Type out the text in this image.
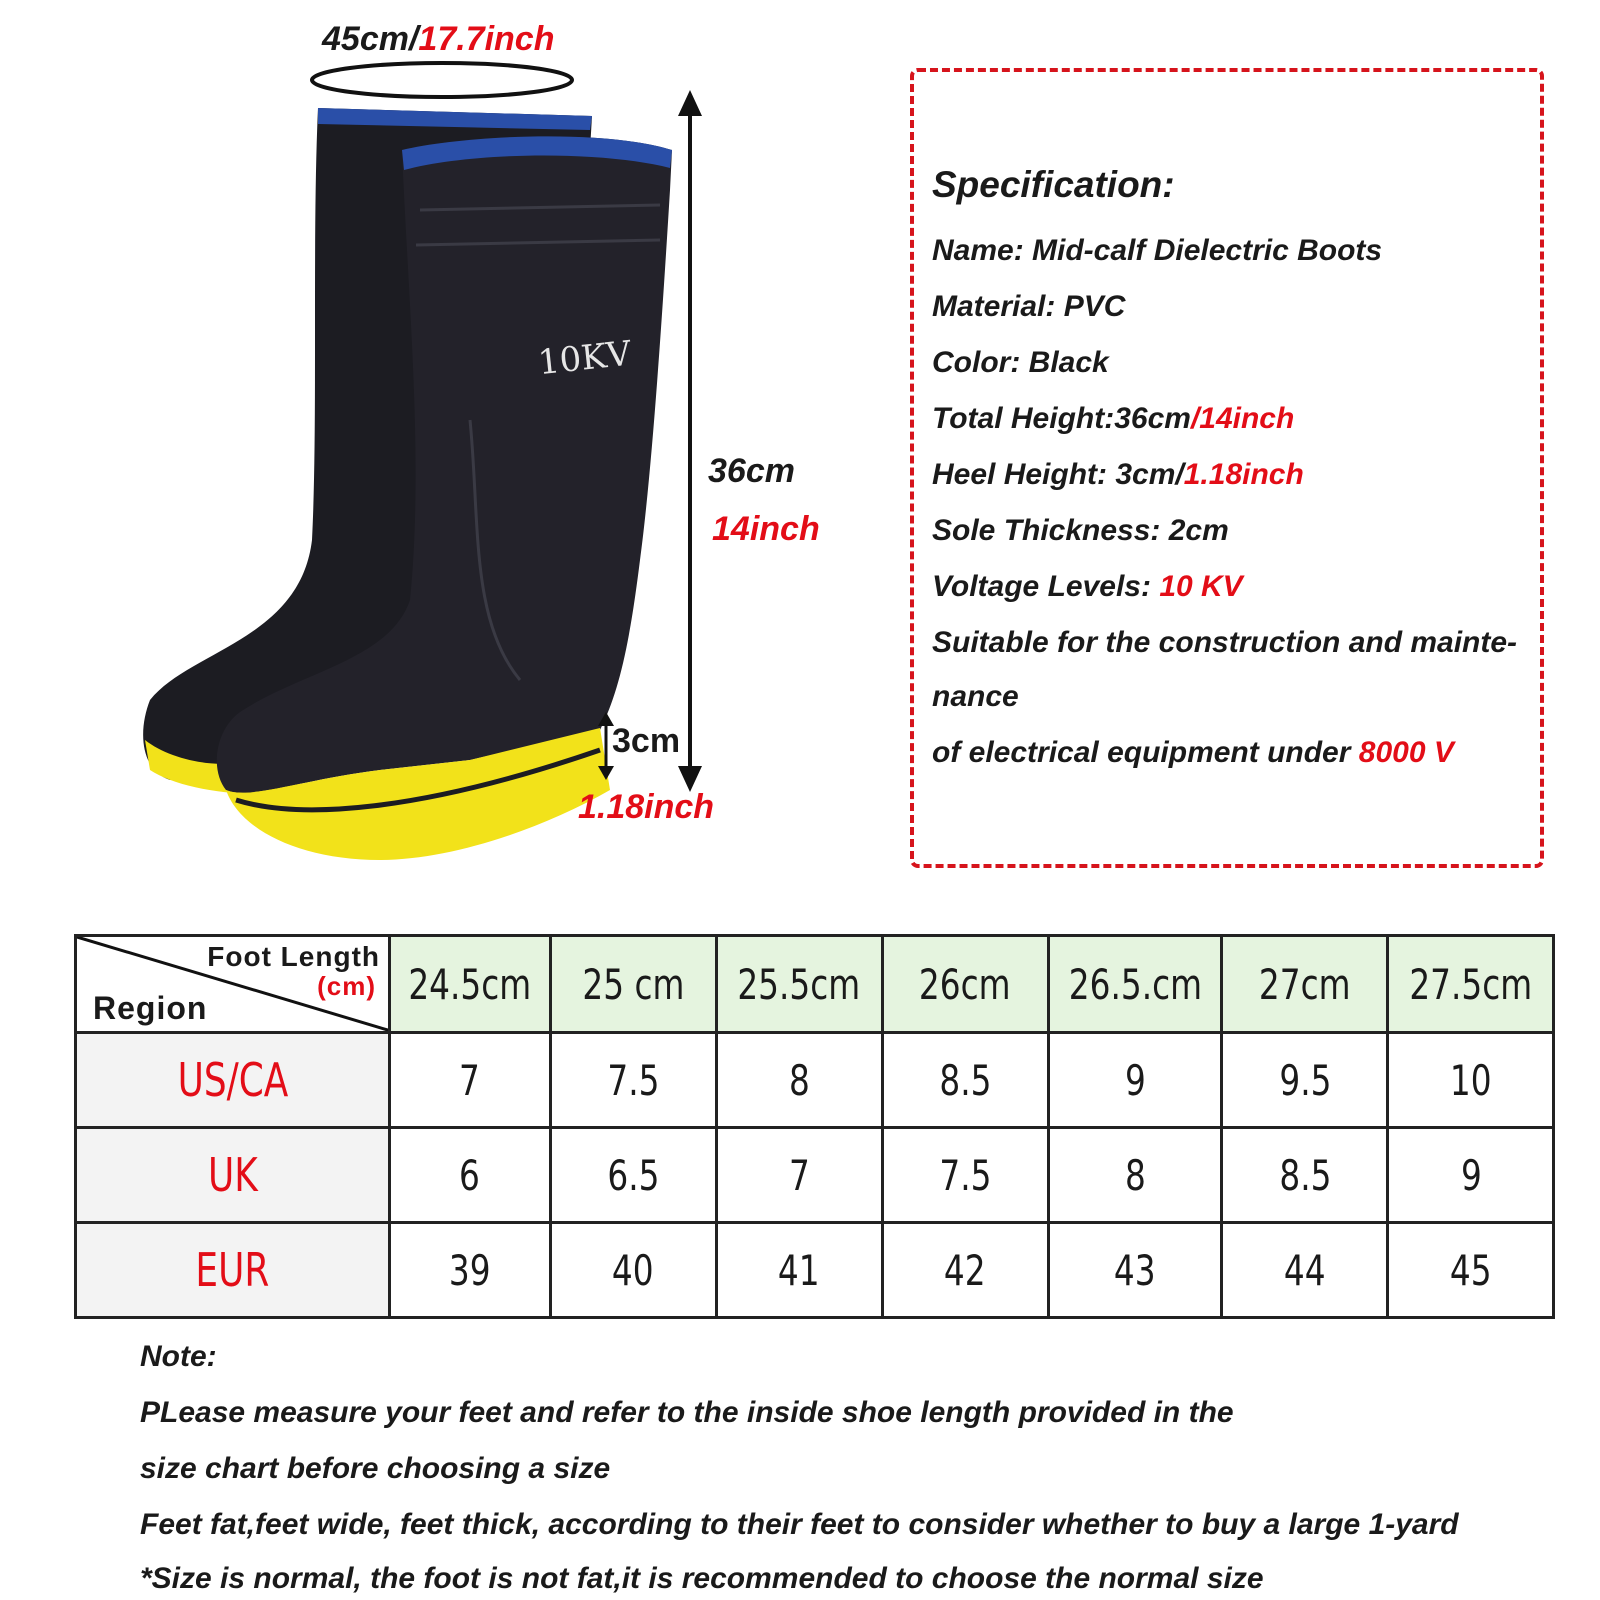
10KV
45cm/17.7inch
36cm
14inch
3cm
1.18inch
Specification:
Name: Mid-calf Dielectric Boots
Material: PVC
Color: Black
Total Height:36cm/14inch
Heel Height: 3cm/1.18inch
Sole Thickness: 2cm
Voltage Levels: 10 KV
Suitable for the construction and mainte-
nance
of electrical equipment under 8000 V
Foot Length
(cm)
Region	24.5cm	25 cm	25.5cm	26cm	26.5.cm	27cm	27.5cm
US/CA	7	7.5	8	8.5	9	9.5	10
UK	6	6.5	7	7.5	8	8.5	9
EUR	39	40	41	42	43	44	45
Note:
PLease measure your feet and refer to the inside shoe length provided in the
size chart before choosing a size
Feet fat,feet wide, feet thick, according to their feet to consider whether to buy a large 1-yard
*Size is normal, the foot is not fat,it is recommended to choose the normal size
